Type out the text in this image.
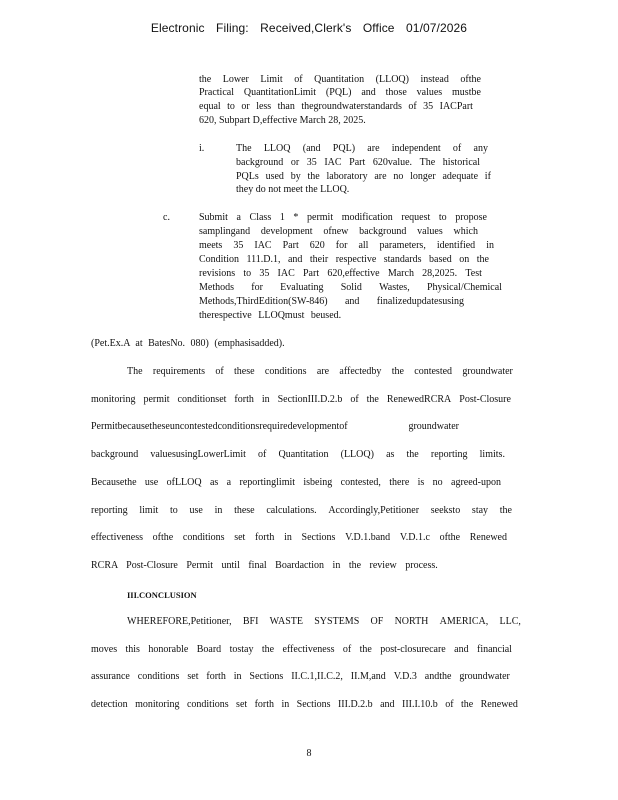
Electronic Filing: Received,Clerk's Office 01/07/2026
the Lower Limit of Quantitation (LLOQ) instead ofthe
Practical QuantitationLimit (PQL) and those values mustbe
equal to or less than thegroundwaterstandards of 35 IACPart
620, Subpart D,effective March 28, 2025.
i.	The LLOQ (and PQL) are independent of any
background or 35 IAC Part 620value. The historical
PQLs used by the laboratory are no longer adequate if
they do not meet the LLOQ.
c.	Submit a Class 1 * permit modification request to propose
samplingand development ofnew background values which
meets 35 IAC Part 620 for all parameters, identified in
Condition 111.D.1, and their respective standards based on the
revisions to 35 IAC Part 620,effective March 28,2025. Test
Methods for Evaluating Solid Wastes, Physical/Chemical
Methods,ThirdEdition(SW-846) and finalizedupdatesusing
therespective LLOQmust beused.
(Pet.Ex.A at BatesNo. 080) (emphasisadded).
The requirements of these conditions are affectedby the contested groundwater
monitoring permit conditionset forth in SectionIII.D.2.b of the RenewedRCRA Post-Closure
Permitbecausetheseuncontestedconditionsrequiredevelopmentof	groundwater
background valuesusingLowerLimit of Quantitation (LLOQ) as the reporting limits.
Becausethe use ofLLOQ as a reportinglimit isbeing contested, there is no agreed-upon
reporting limit to use in these calculations. Accordingly,Petitioner seeksto stay the
effectiveness ofthe conditions set forth in Sections V.D.1.band V.D.1.c ofthe Renewed
RCRA Post-Closure Permit until final Boardaction in the review process.
III.CONCLUSION
WHEREFORE,Petitioner, BFI WASTE SYSTEMS OF NORTH AMERICA, LLC,
moves this honorable Board tostay the effectiveness of the post-closurecare and financial
assurance conditions set forth in Sections II.C.1,II.C.2, II.M,and V.D.3 andthe groundwater
detection monitoring conditions set forth in Sections III.D.2.b and III.I.10.b of the Renewed
8
